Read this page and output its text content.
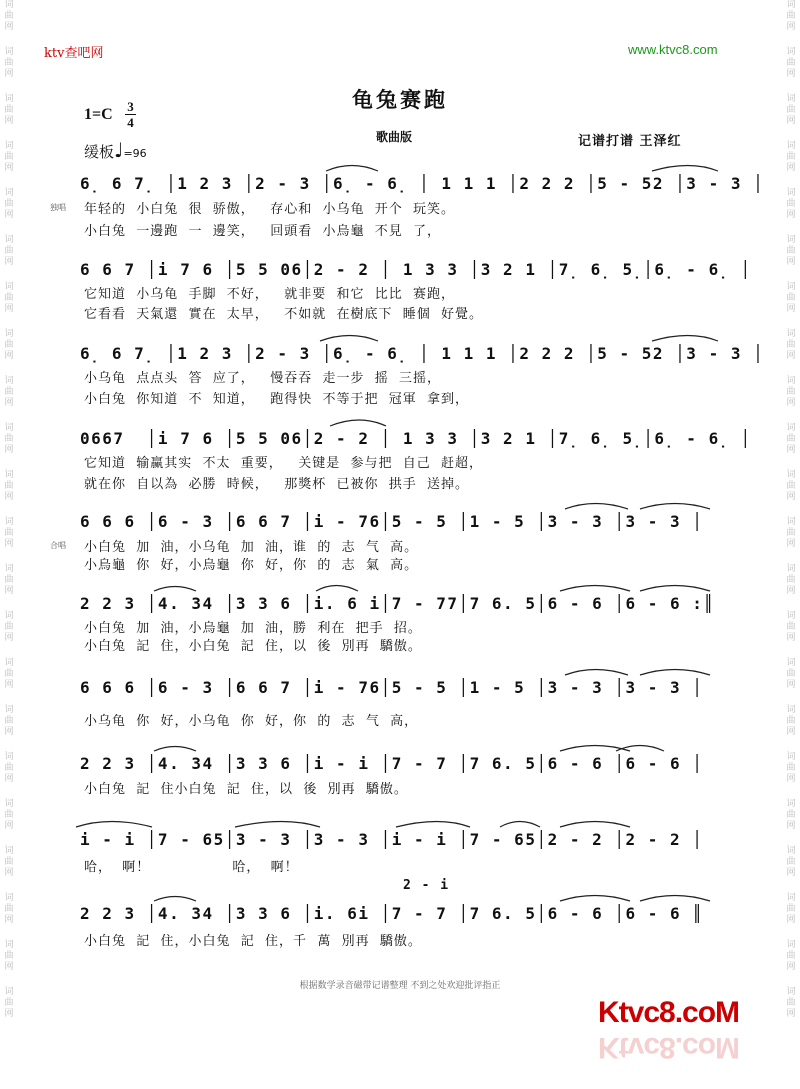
词曲网
词曲网
词曲网
词曲网
词曲网
词曲网
词曲网
词曲网
词曲网
词曲网
词曲网
词曲网
词曲网
词曲网
词曲网
词曲网
词曲网
词曲网
词曲网
词曲网
词曲网
词曲网
词曲网
词曲网
词曲网
词曲网
词曲网
词曲网
词曲网
词曲网
词曲网
词曲网
词曲网
词曲网
词曲网
词曲网
词曲网
词曲网
词曲网
词曲网
词曲网
词曲网
词曲网
词曲网
ktv查吧网	www.ktvc8.com
龟兔赛跑
1=C 3
4
缓板♩=96
歌曲版	记谱打谱 王泽红
独唱
6̣ 6 7̣ │1 2 3 │2 - 3 │6̣ - 6̣ │ 1 1 1 │2 2 2 │5 - 52 │3 - 3 │
年轻的  小白兔  很  骄傲，   存心和  小乌龟  开个  玩笑。
小白兔  一邊跑  一  邊笑，   回頭看  小烏龜  不見  了，
6 6 7 │i 7 6 │5 5 06│2 - 2 │ 1 3 3 │3 2 1 │7̣ 6̣ 5̣│6̣ - 6̣ │
它知道  小乌龟  手脚  不好，   就非要  和它  比比  赛跑，
它看看  天氣還  實在  太早，   不如就  在樹底下  睡個  好覺。
6̣ 6 7̣ │1 2 3 │2 - 3 │6̣ - 6̣ │ 1 1 1 │2 2 2 │5 - 52 │3 - 3 │
小乌龟  点点头  答  应了，   慢吞吞  走一步  摇  三摇，
小白兔  你知道  不  知道，   跑得快  不等于把  冠軍  拿到，
0667  │i 7 6 │5 5 06│2 - 2 │ 1 3 3 │3 2 1 │7̣ 6̣ 5̣│6̣ - 6̣ │
它知道  输赢其实  不太  重要，   关键是  参与把  自己  赶超，
就在你  自以為  必勝  時候，   那獎杯  已被你  拱手  送掉。
合唱
6 6 6 │6 - 3 │6 6 7 │i - 76│5 - 5 │1 - 5 │3 - 3 │3 - 3 │
小白兔  加  油，小乌龟  加  油，谁  的  志  气  高。
小烏龜  你  好，小烏龜  你  好，你  的  志  氣  高。
2 2 3 │4. 34 │3 3 6 │i. 6 i│7 - 77│7 6. 5│6 - 6 │6 - 6 :║
小白兔  加  油，小烏龜  加  油，勝  利在  把手  招。
小白兔  記  住，小白兔  記  住，以  後  別再  驕傲。
6 6 6 │6 - 3 │6 6 7 │i - 76│5 - 5 │1 - 5 │3 - 3 │3 - 3 │
小乌龟  你  好，小乌龟  你  好，你  的  志  气  高，
2 2 3 │4. 34 │3 3 6 │i - i │7 - 7 │7 6. 5│6 - 6 │6 - 6 │
小白兔  記  住小白兔  記  住，以  後  別再  驕傲。
i - i │7 - 65│3 - 3 │3 - 3 │i - i │7 - 65│2 - 2 │2 - 2 │
哈，  啊！                哈，  啊！
2 - i
2 2 3 │4. 34 │3 3 6 │i. 6i │7 - 7 │7 6. 5│6 - 6 │6 - 6 ║
小白兔  記  住，小白兔  記  住，千  萬  別再  驕傲。
根据数学录音磁带记谱整理 不到之处欢迎批评指正
Ktvc8.coM
Ktvc8.coM
